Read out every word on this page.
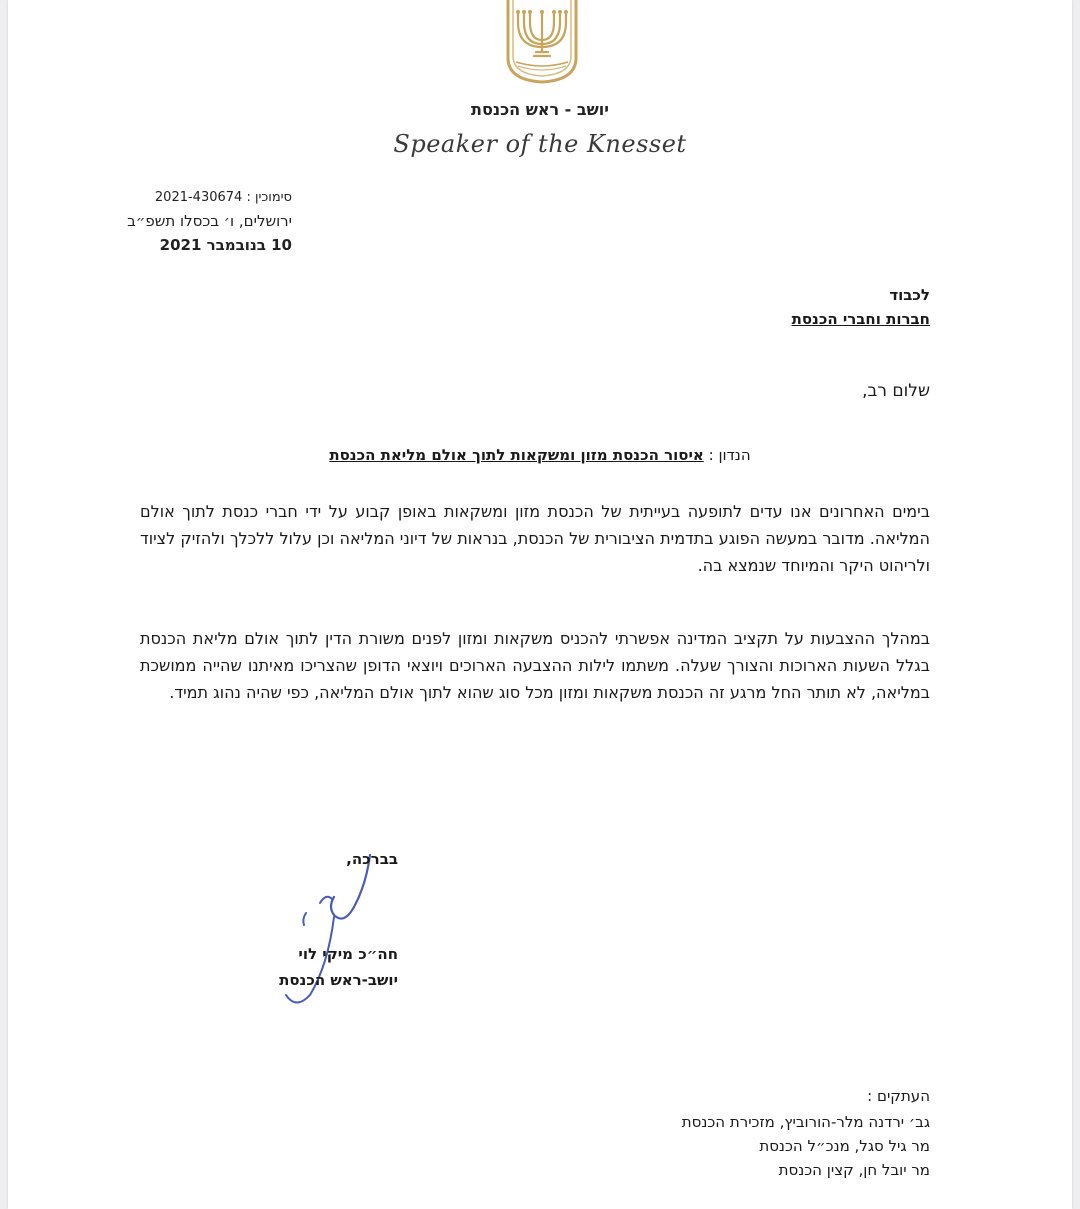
יושב - ראש הכנסת
Speaker of the Knesset
סימוכין : 2021-430674
ירושלים, ו׳ בכסלו תשפ״ב
10 בנובמבר 2021
לכבוד
חברות וחברי הכנסת
שלום רב,
הנדון : איסור הכנסת מזון ומשקאות לתוך אולם מליאת הכנסת
בימים האחרונים אנו עדים לתופעה בעייתית של הכנסת מזון ומשקאות באופן קבוע על ידי חברי כנסת לתוך אולם המליאה. מדובר במעשה הפוגע בתדמית הציבורית של הכנסת, בנראות של דיוני המליאה וכן עלול ללכלך ולהזיק לציוד ולריהוט היקר והמיוחד שנמצא בה.
במהלך ההצבעות על תקציב המדינה אפשרתי להכניס משקאות ומזון לפנים משורת הדין לתוך אולם מליאת הכנסת בגלל השעות הארוכות והצורך שעלה. משתמו לילות ההצבעה הארוכים ויוצאי הדופן שהצריכו מאיתנו שהייה ממושכת במליאה, לא תותר החל מרגע זה הכנסת משקאות ומזון מכל סוג שהוא לתוך אולם המליאה, כפי שהיה נהוג תמיד.
בברכה,
חה״כ מיקי לוי
יושב-ראש הכנסת
העתקים :
גב׳ ירדנה מלר-הורוביץ, מזכירת הכנסת
מר גיל סגל, מנכ״ל הכנסת
מר יובל חן, קצין הכנסת
